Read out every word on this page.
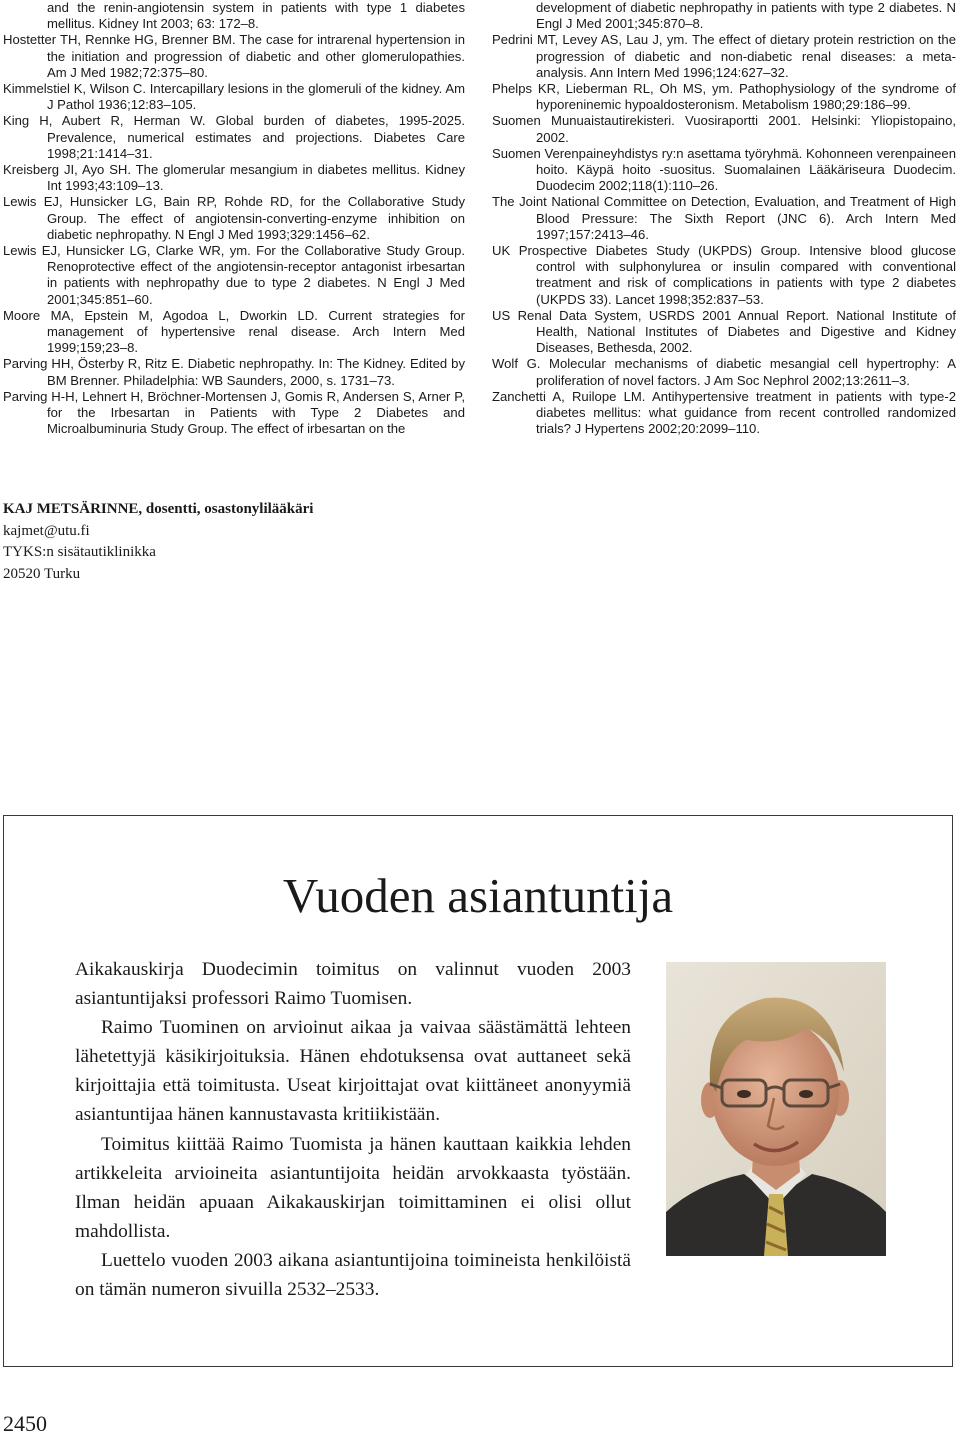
and the renin-angiotensin system in patients with type 1 diabetes mellitus. Kidney Int 2003; 63: 172–8.

Hostetter TH, Rennke HG, Brenner BM. The case for intrarenal hypertension in the initiation and progression of diabetic and other glomerulopathies. Am J Med 1982;72:375–80.

Kimmelstiel K, Wilson C. Intercapillary lesions in the glomeruli of the kidney. Am J Pathol 1936;12:83–105.

King H, Aubert R, Herman W. Global burden of diabetes, 1995-2025. Prevalence, numerical estimates and projections. Diabetes Care 1998;21:1414–31.

Kreisberg JI, Ayo SH. The glomerular mesangium in diabetes mellitus. Kidney Int 1993;43:109–13.

Lewis EJ, Hunsicker LG, Bain RP, Rohde RD, for the Collaborative Study Group. The effect of angiotensin-converting-enzyme inhibition on diabetic nephropathy. N Engl J Med 1993;329:1456–62.

Lewis EJ, Hunsicker LG, Clarke WR, ym. For the Collaborative Study Group. Renoprotective effect of the angiotensin-receptor antagonist irbesartan in patients with nephropathy due to type 2 diabetes. N Engl J Med 2001;345:851–60.

Moore MA, Epstein M, Agodoa L, Dworkin LD. Current strategies for management of hypertensive renal disease. Arch Intern Med 1999;159;23–8.

Parving HH, Österby R, Ritz E. Diabetic nephropathy. In: The Kidney. Edited by BM Brenner. Philadelphia: WB Saunders, 2000, s. 1731–73.

Parving H-H, Lehnert H, Bröchner-Mortensen J, Gomis R, Andersen S, Arner P, for the Irbesartan in Patients with Type 2 Diabetes and Microalbuminuria Study Group. The effect of irbesartan on the

development of diabetic nephropathy in patients with type 2 diabetes. N Engl J Med 2001;345:870–8.

Pedrini MT, Levey AS, Lau J, ym. The effect of dietary protein restriction on the progression of diabetic and non-diabetic renal diseases: a meta-analysis. Ann Intern Med 1996;124:627–32.

Phelps KR, Lieberman RL, Oh MS, ym. Pathophysiology of the syndrome of hyporeninemic hypoaldosteronism. Metabolism 1980;29:186–99.

Suomen Munuaistautirekisteri. Vuosiraportti 2001. Helsinki: Yliopistopaino, 2002.

Suomen Verenpaineyhdistys ry:n asettama työryhmä. Kohonneen verenpaineen hoito. Käypä hoito -suositus. Suomalainen Lääkäriseura Duodecim. Duodecim 2002;118(1):110–26.

The Joint National Committee on Detection, Evaluation, and Treatment of High Blood Pressure: The Sixth Report (JNC 6). Arch Intern Med 1997;157:2413–46.

UK Prospective Diabetes Study (UKPDS) Group. Intensive blood glucose control with sulphonylurea or insulin compared with conventional treatment and risk of complications in patients with type 2 diabetes (UKPDS 33). Lancet 1998;352:837–53.

US Renal Data System, USRDS 2001 Annual Report. National Institute of Health, National Institutes of Diabetes and Digestive and Kidney Diseases, Bethesda, 2002.

Wolf G. Molecular mechanisms of diabetic mesangial cell hypertrophy: A proliferation of novel factors. J Am Soc Nephrol 2002;13:2611–3.

Zanchetti A, Ruilope LM. Antihypertensive treatment in patients with type-2 diabetes mellitus: what guidance from recent controlled randomized trials? J Hypertens 2002;20:2099–110.

KAJ METSÄRINNE, dosentti, osastonylilääkäri
kajmet@utu.fi
TYKS:n sisätautiklinikka
20520 Turku
Vuoden asiantuntija

Aikakauskirja Duodecimin toimitus on valinnut vuoden 2003 asiantuntijaksi professori Raimo Tuomisen.

Raimo Tuominen on arvioinut aikaa ja vaivaa säästämättä lehteen lähetettyjä käsikirjoituksia. Hänen ehdotuksensa ovat auttaneet sekä kirjoittajia että toimitusta. Useat kirjoittajat ovat kiittäneet anonyymiä asiantuntijaa hänen kannustavasta kritiikistään.

Toimitus kiittää Raimo Tuomista ja hänen kauttaan kaikkia lehden artikkeleita arvioineita asiantuntijoita heidän arvokkaasta työstään. Ilman heidän apuaan Aikakauskirjan toimittaminen ei olisi ollut mahdollista.

Luettelo vuoden 2003 aikana asiantuntijoina toimineista henkilöistä on tämän numeron sivuilla 2532–2533.

2450
